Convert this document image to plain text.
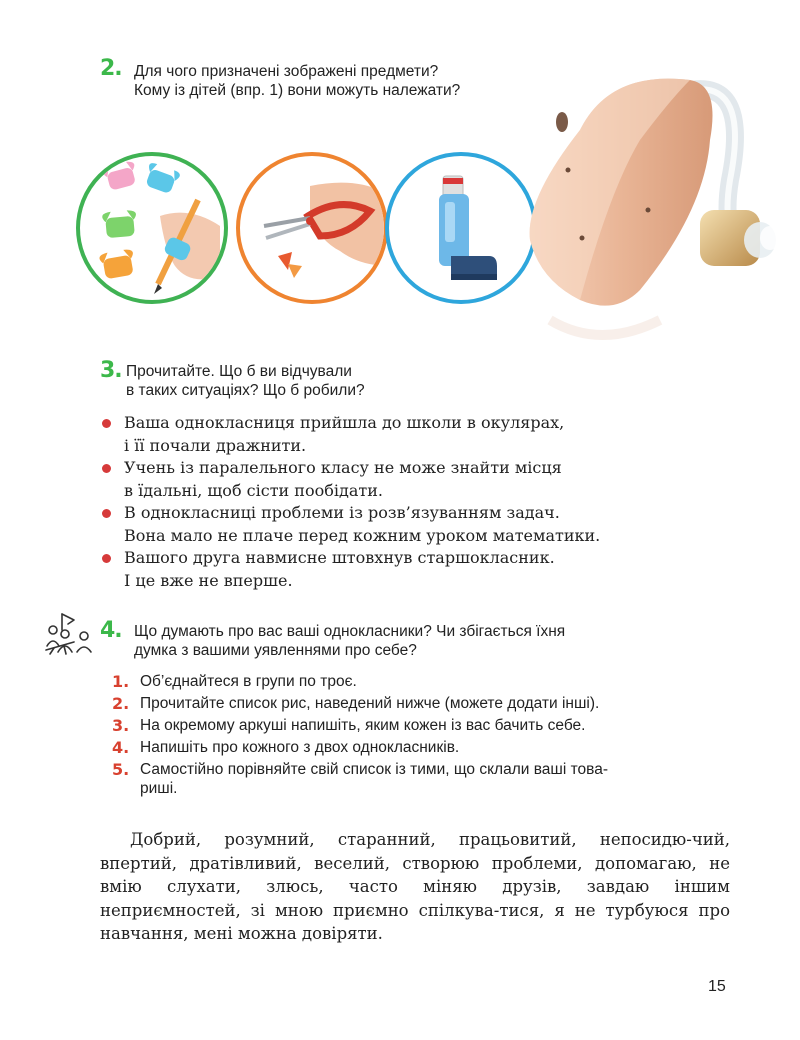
2. Для чого призначені зображені предмети?
Кому із дітей (впр. 1) вони можуть належати?
3. Прочитайте. Що б ви відчували
в таких ситуаціях? Що б робили?
Ваша однокласниця прийшла до школи в окулярах,
і її почали дражнити.
Учень із паралельного класу не може знайти місця
в їдальні, щоб сісти пообідати.
В однокласниці проблеми із розв’язуванням задач.
Вона мало не плаче перед кожним уроком математики.
Вашого друга навмисне штовхнув старшокласник.
І це вже не вперше.
4. Що думають про вас ваші однокласники? Чи збігається їхня
думка з вашими уявленнями про себе?
1. Об’єднайтеся в групи по троє.
2. Прочитайте список рис, наведений нижче (можете додати інші).
3. На окремому аркуші напишіть, яким кожен із вас бачить себе.
4. Напишіть про кожного з двох однокласників.
5. Самостійно порівняйте свій список із тими, що склали ваші това-
риші.

Добрий, розумний, старанний, працьовитий, непосидю-чий, впертий, дратівливий, веселий, створюю проблеми, допомагаю, не вмію слухати, злюсь, часто міняю друзів, завдаю іншим неприємностей, зі мною приємно спілкува-тися, я не турбуюся про навчання, мені можна довіряти.

15
